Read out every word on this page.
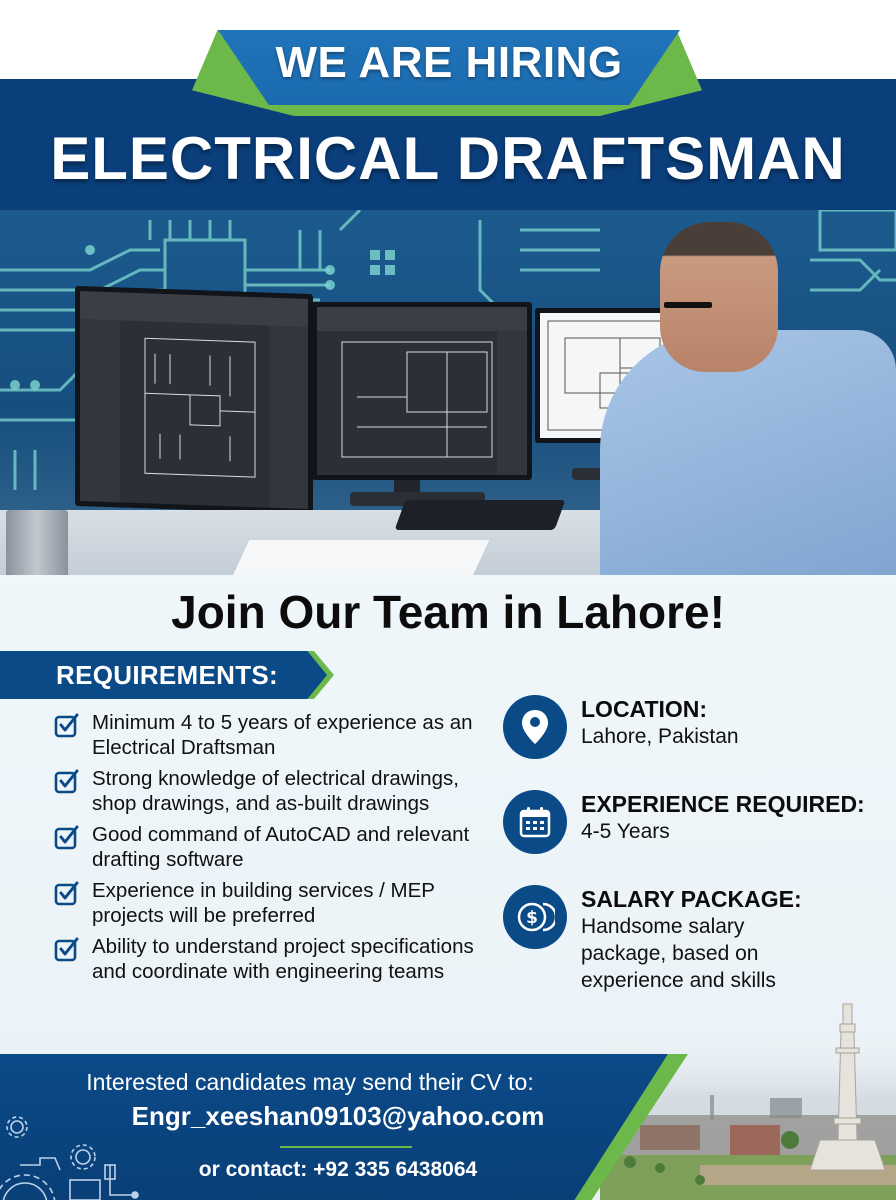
WE ARE HIRING
ELECTRICAL DRAFTSMAN
Join Our Team in Lahore!
REQUIREMENTS:
Minimum 4 to 5 years of experience as an Electrical Draftsman
Strong knowledge of electrical drawings, shop drawings, and as-built drawings
Good command of AutoCAD and relevant drafting software
Experience in building services / MEP projects will be preferred
Ability to understand project specifications and coordinate with engineering teams
LOCATION:
Lahore, Pakistan
EXPERIENCE REQUIRED:
4-5 Years
$
SALARY PACKAGE:
Handsome salary package, based on experience and skills
Interested candidates may send their CV to:
Engr_xeeshan09103@yahoo.com
or contact: +92 335 6438064
